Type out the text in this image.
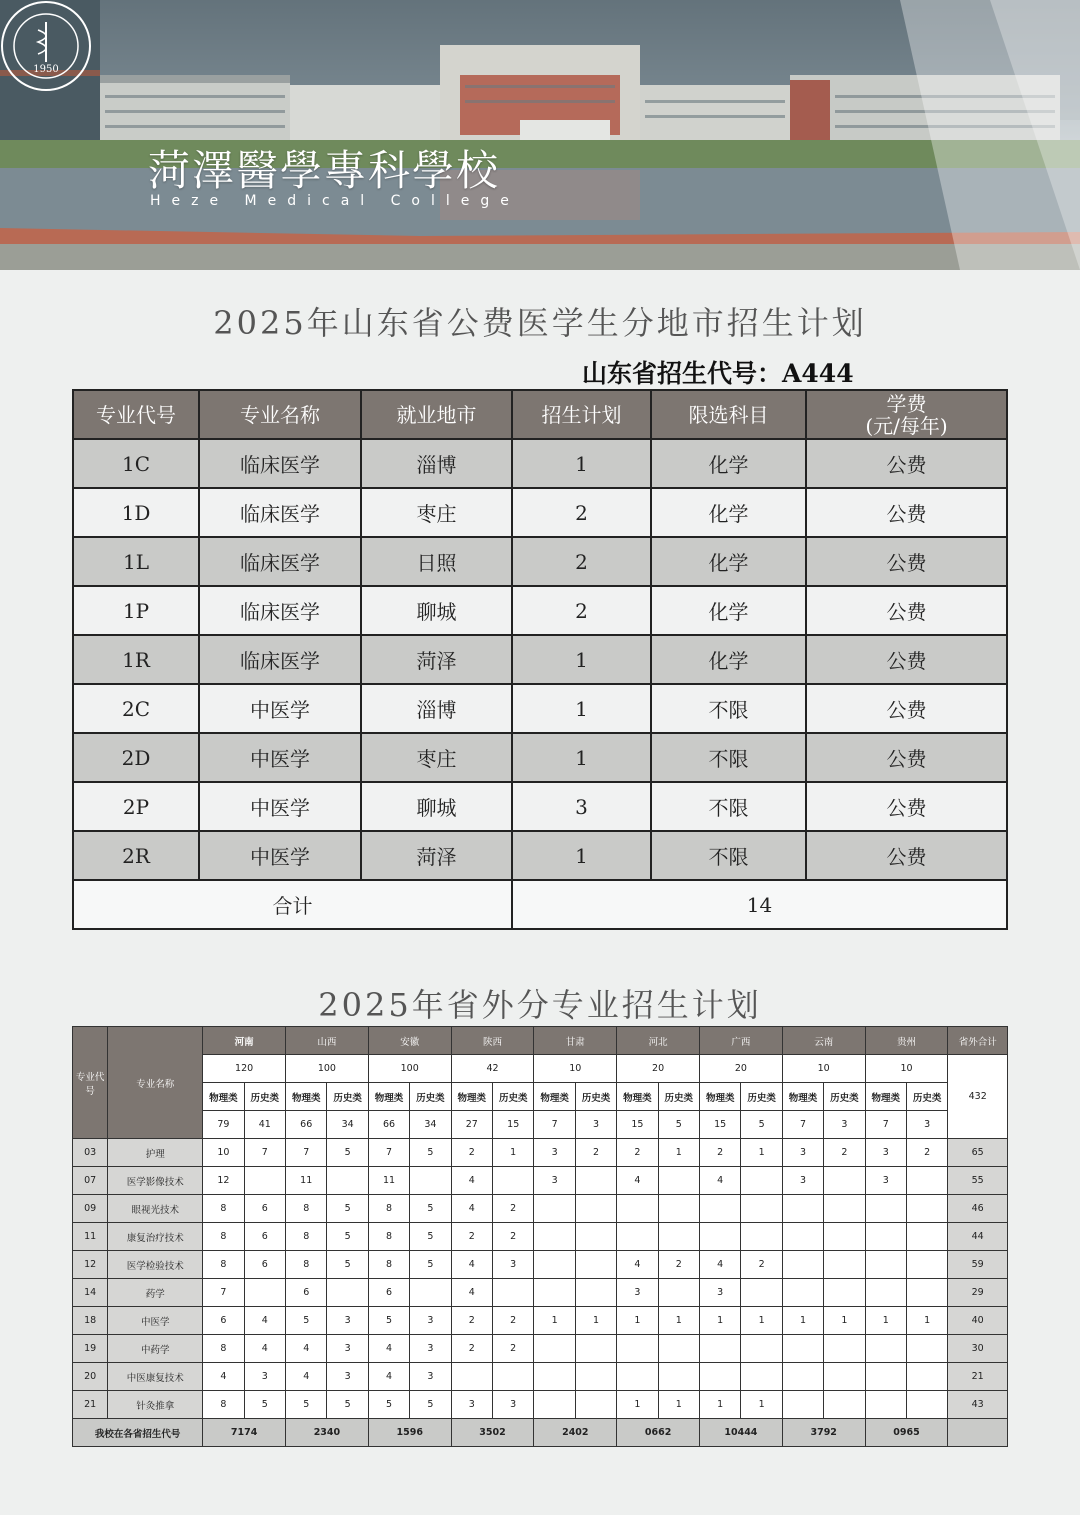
1950
菏澤醫學專科學校
Heze Medical College
2025年山东省公费医学生分地市招生计划
山东省招生代号：A444
专业代号	专业名称	就业地市	招生计划	限选科目	学费
(元/每年)
1C	临床医学	淄博	1	化学	公费
1D	临床医学	枣庄	2	化学	公费
1L	临床医学	日照	2	化学	公费
1P	临床医学	聊城	2	化学	公费
1R	临床医学	菏泽	1	化学	公费
2C	中医学	淄博	1	不限	公费
2D	中医学	枣庄	1	不限	公费
2P	中医学	聊城	3	不限	公费
2R	中医学	菏泽	1	不限	公费
合计			14		
2025年省外分专业招生计划
专业代号	专业名称	河南		山西		安徽		陕西		甘肃		河北		广西		云南		贵州		省外合计
		120		100		100		42		10		20		20		10		10		432
		物理类	历史类	物理类	历史类	物理类	历史类	物理类	历史类	物理类	历史类	物理类	历史类	物理类	历史类	物理类	历史类	物理类	历史类	
		79	41	66	34	66	34	27	15	7	3	15	5	15	5	7	3	7	3	
03	护理	10	7	7	5	7	5	2	1	3	2	2	1	2	1	3	2	3	2	65
07	医学影像技术	12		11		11		4		3		4		4		3		3		55
09	眼视光技术	8	6	8	5	8	5	4	2											46
11	康复治疗技术	8	6	8	5	8	5	2	2											44
12	医学检验技术	8	6	8	5	8	5	4	3			4	2	4	2					59
14	药学	7		6		6		4				3		3						29
18	中医学	6	4	5	3	5	3	2	2	1	1	1	1	1	1	1	1	1	1	40
19	中药学	8	4	4	3	4	3	2	2											30
20	中医康复技术	4	3	4	3	4	3													21
21	针灸推拿	8	5	5	5	5	5	3	3			1	1	1	1					43
我校在各省招生代号		7174		2340		1596		3502		2402		0662		10444		3792		0965		
